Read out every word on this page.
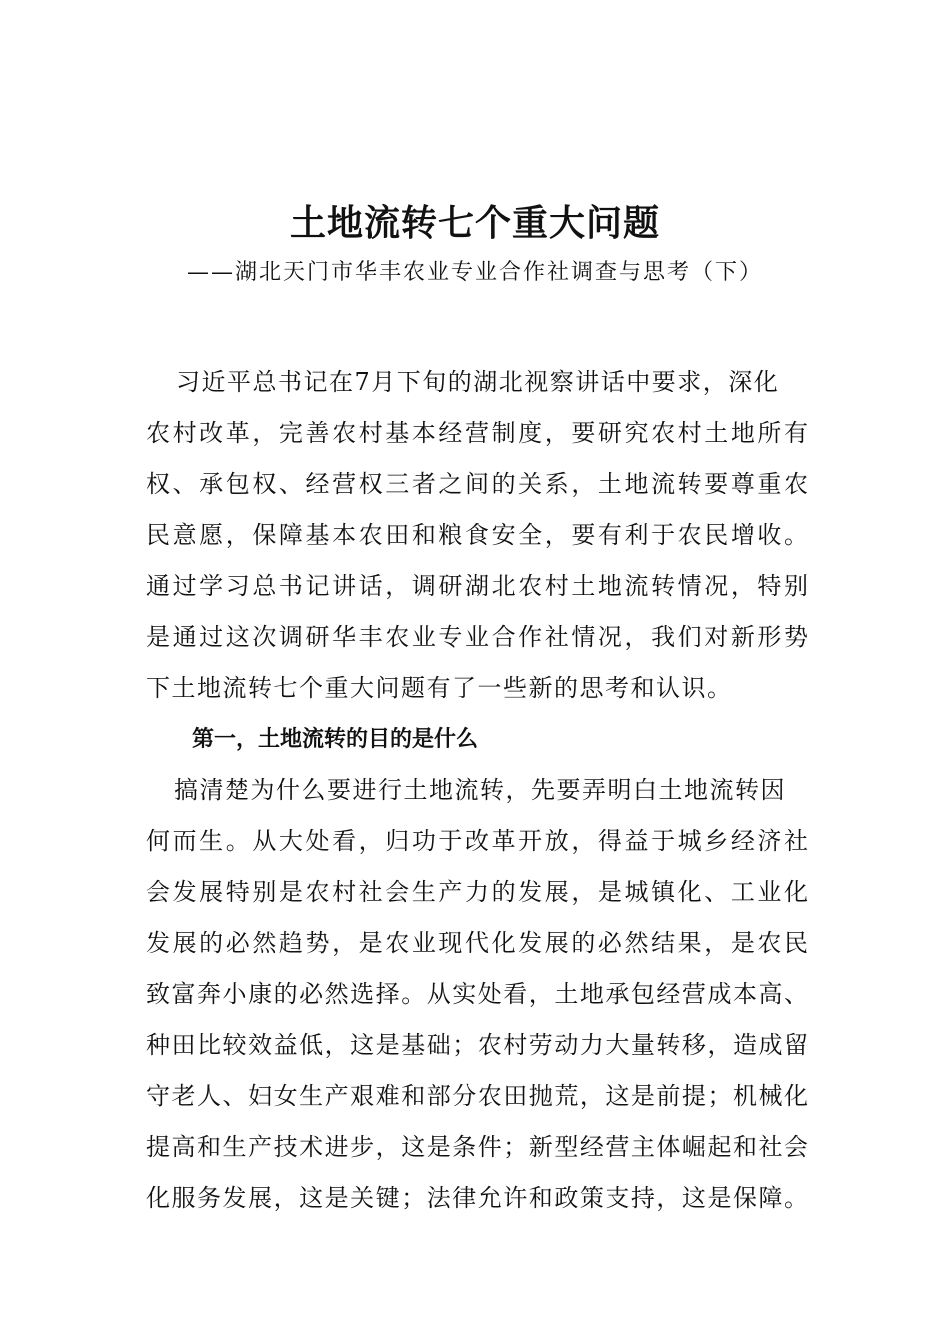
土地流转七个重大问题
——湖北天门市华丰农业专业合作社调查与思考（下）
习近平总书记在7月下旬的湖北视察讲话中要求，深化
农村改革，完善农村基本经营制度，要研究农村土地所有
权、承包权、经营权三者之间的关系，土地流转要尊重农
民意愿，保障基本农田和粮食安全，要有利于农民增收。
通过学习总书记讲话，调研湖北农村土地流转情况，特别
是通过这次调研华丰农业专业合作社情况，我们对新形势
下土地流转七个重大问题有了一些新的思考和认识。
第一，土地流转的目的是什么
搞清楚为什么要进行土地流转，先要弄明白土地流转因
何而生。从大处看，归功于改革开放，得益于城乡经济社
会发展特别是农村社会生产力的发展，是城镇化、工业化
发展的必然趋势，是农业现代化发展的必然结果，是农民
致富奔小康的必然选择。从实处看，土地承包经营成本高、
种田比较效益低，这是基础；农村劳动力大量转移，造成留
守老人、妇女生产艰难和部分农田抛荒，这是前提；机械化
提高和生产技术进步，这是条件；新型经营主体崛起和社会
化服务发展，这是关键；法律允许和政策支持，这是保障。
